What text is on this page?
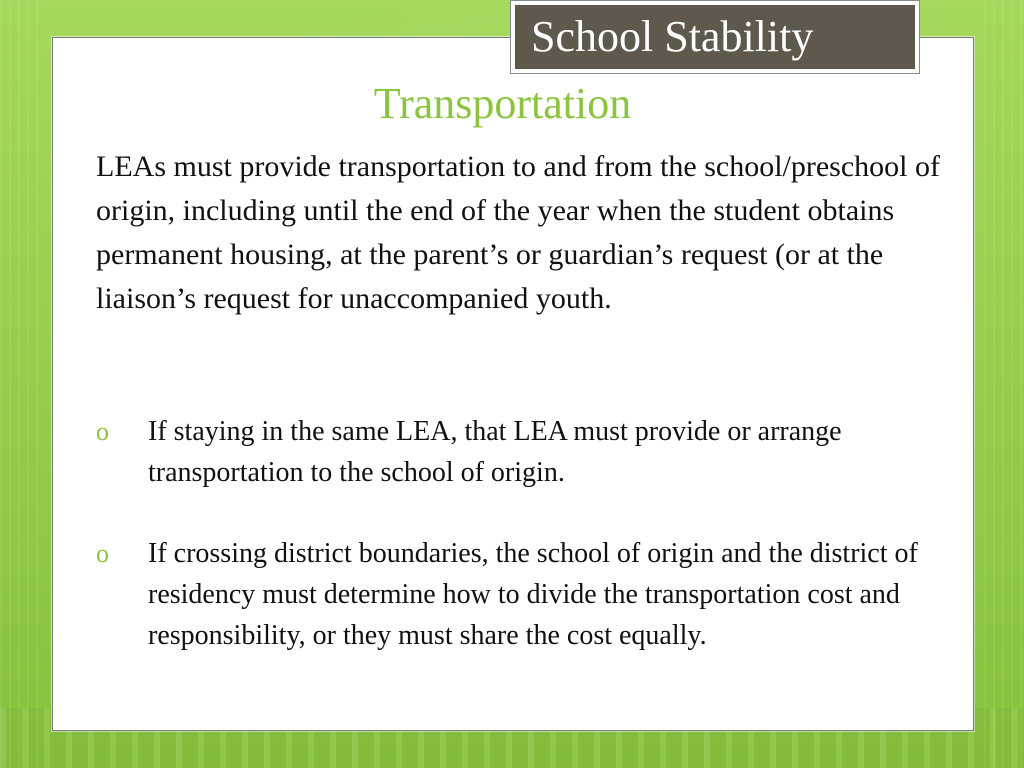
School Stability
Transportation

LEAs must provide transportation to and from the school/preschool of origin, including until the end of the year when the student obtains permanent housing, at the parent’s or guardian’s request (or at the liaison’s request for unaccompanied youth.

o	If staying in the same LEA, that LEA must provide or arrange transportation to the school of origin.

o	If crossing district boundaries, the school of origin and the district of residency must determine how to divide the transportation cost and responsibility, or they must share the cost equally.
